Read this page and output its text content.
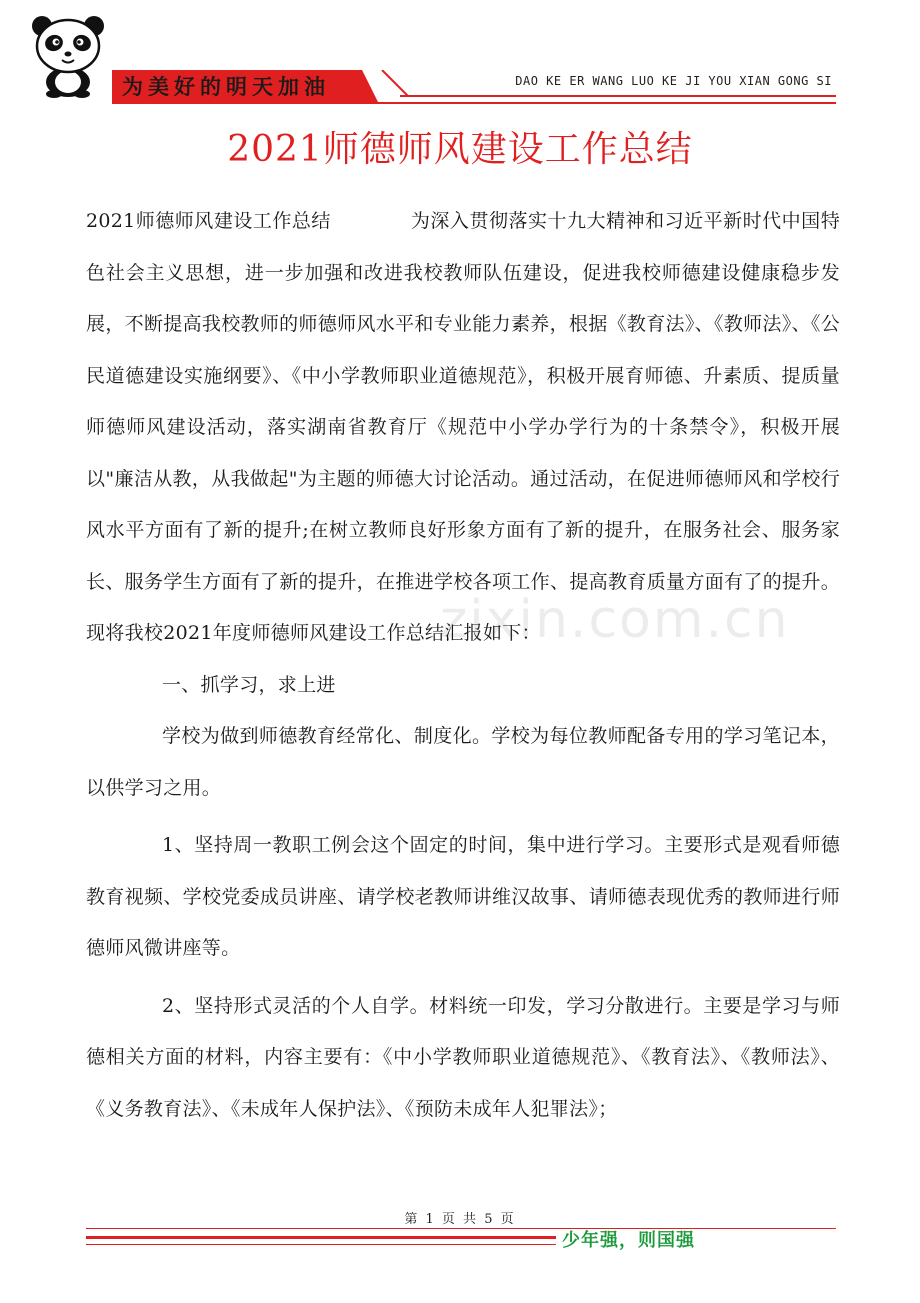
为美好的明天加油	DAO KE ER WANG LUO KE JI YOU XIAN GONG SI
2021师德师风建设工作总结
zixin.com.cn

2021师德师风建设工作总结	为深入贯彻落实十九大精神和习近平新时代中国特色社会主义思想，进一步加强和改进我校教师队伍建设，促进我校师德建设健康稳步发展，不断提高我校教师的师德师风水平和专业能力素养，根据《教育法》、《教师法》、《公民道德建设实施纲要》、《中小学教师职业道德规范》，积极开展育师德、升素质、提质量师德师风建设活动，落实湖南省教育厅《规范中小学办学行为的十条禁令》，积极开展以"廉洁从教，从我做起"为主题的师德大讨论活动。通过活动，在促进师德师风和学校行风水平方面有了新的提升;在树立教师良好形象方面有了新的提升，在服务社会、服务家长、服务学生方面有了新的提升，在推进学校各项工作、提高教育质量方面有了的提升。现将我校2021年度师德师风建设工作总结汇报如下：

一、抓学习，求上进

学校为做到师德教育经常化、制度化。学校为每位教师配备专用的学习笔记本，以供学习之用。

1、坚持周一教职工例会这个固定的时间，集中进行学习。主要形式是观看师德教育视频、学校党委成员讲座、请学校老教师讲维汉故事、请师德表现优秀的教师进行师德师风微讲座等。

2、坚持形式灵活的个人自学。材料统一印发，学习分散进行。主要是学习与师德相关方面的材料，内容主要有：《中小学教师职业道德规范》、《教育法》、《教师法》、《义务教育法》、《未成年人保护法》、《预防未成年人犯罪法》；

第 1 页 共 5 页
少年强，则国强
